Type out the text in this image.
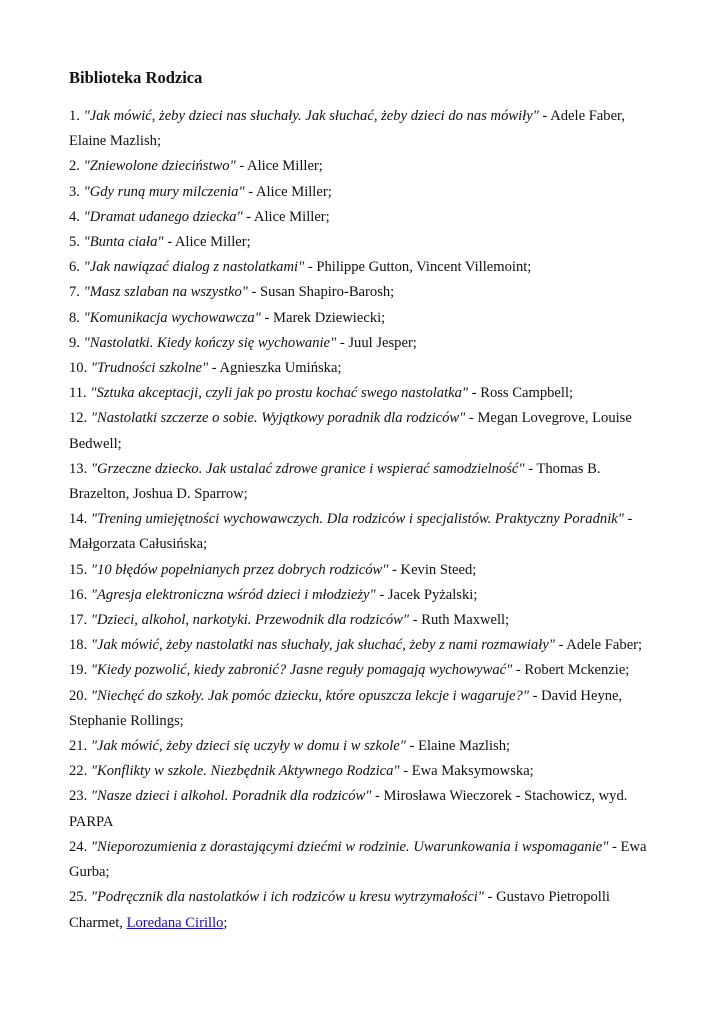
Biblioteka Rodzica

1. "Jak mówić, żeby dzieci nas słuchały. Jak słuchać, żeby dzieci do nas mówiły" - Adele Faber, Elaine Mazlish;

2. "Zniewolone dzieciństwo" - Alice Miller;

3. "Gdy runą mury milczenia" - Alice Miller;

4. "Dramat udanego dziecka" - Alice Miller;

5. "Bunta ciała" - Alice Miller;

6. "Jak nawiązać dialog z nastolatkami" - Philippe Gutton, Vincent Villemoint;

7. "Masz szlaban na wszystko" - Susan Shapiro-Barosh;

8. "Komunikacja wychowawcza" - Marek Dziewiecki;

9. "Nastolatki. Kiedy kończy się wychowanie" - Juul Jesper;

10. "Trudności szkolne" - Agnieszka Umińska;

11. "Sztuka akceptacji, czyli jak po prostu kochać swego nastolatka" - Ross Campbell;

12. "Nastolatki szczerze o sobie. Wyjątkowy poradnik dla rodziców" - Megan Lovegrove, Louise Bedwell;

13. "Grzeczne dziecko. Jak ustalać zdrowe granice i wspierać samodzielność" - Thomas B. Brazelton, Joshua D. Sparrow;

14. "Trening umiejętności wychowawczych. Dla rodziców i specjalistów. Praktyczny Poradnik" - Małgorzata Całusińska;

15. "10 błędów popełnianych przez dobrych rodziców" - Kevin Steed;

16. "Agresja elektroniczna wśród dzieci i młodzieży" - Jacek Pyżalski;

17. "Dzieci, alkohol, narkotyki. Przewodnik dla rodziców" - Ruth Maxwell;

18. "Jak mówić, żeby nastolatki nas słuchały, jak słuchać, żeby z nami rozmawiały" - Adele Faber;

19. "Kiedy pozwolić, kiedy zabronić? Jasne reguły pomagają wychowywać" - Robert Mckenzie;

20. "Niechęć do szkoły. Jak pomóc dziecku, które opuszcza lekcje i wagaruje?" - David Heyne, Stephanie Rollings;

21. "Jak mówić, żeby dzieci się uczyły w domu i w szkole" - Elaine Mazlish;

22. "Konflikty w szkole. Niezbędnik Aktywnego Rodzica" - Ewa Maksymowska;

23. "Nasze dzieci i alkohol. Poradnik dla rodziców" - Mirosława Wieczorek - Stachowicz, wyd. PARPA

24. "Nieporozumienia z dorastającymi dziećmi w rodzinie. Uwarunkowania i wspomaganie" - Ewa Gurba;

25. "Podręcznik dla nastolatków i ich rodziców u kresu wytrzymałości" - Gustavo Pietropolli Charmet, Loredana Cirillo;
